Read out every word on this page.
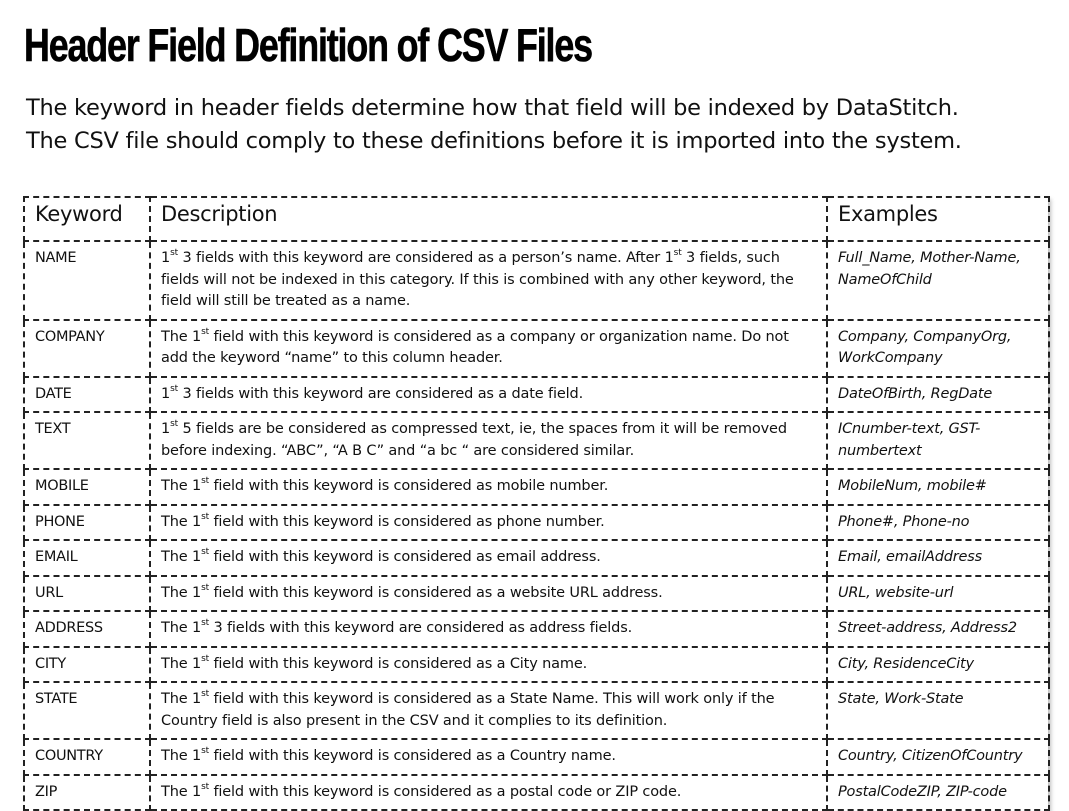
Header Field Definition of CSV Files

The keyword in header fields determine how that field will be indexed by DataStitch.

The CSV file should comply to these definitions before it is imported into the system.

Keyword	Description	Examples
NAME	1st 3 fields with this keyword are considered as a person’s name. After 1st 3 fields, such fields will not be indexed in this category. If this is combined with any other keyword, the field will still be treated as a name.	Full_Name, Mother-Name, NameOfChild
COMPANY	The 1st field with this keyword is considered as a company or organization name. Do not add the keyword “name” to this column header.	Company, CompanyOrg, WorkCompany
DATE	1st 3 fields with this keyword are considered as a date field.	DateOfBirth, RegDate
TEXT	1st 5 fields are be considered as compressed text, ie, the spaces from it will be removed before indexing. “ABC”, “A B C” and “a bc “ are considered similar.	ICnumber-text, GST-numbertext
MOBILE	The 1st field with this keyword is considered as mobile number.	MobileNum, mobile#
PHONE	The 1st field with this keyword is considered as phone number.	Phone#, Phone-no
EMAIL	The 1st field with this keyword is considered as email address.	Email, emailAddress
URL	The 1st field with this keyword is considered as a website URL address.	URL, website-url
ADDRESS	The 1st 3 fields with this keyword are considered as address fields.	Street-address, Address2
CITY	The 1st field with this keyword is considered as a City name.	City, ResidenceCity
STATE	The 1st field with this keyword is considered as a State Name. This will work only if the Country field is also present in the CSV and it complies to its definition.	State, Work-State
COUNTRY	The 1st field with this keyword is considered as a Country name.	Country, CitizenOfCountry
ZIP	The 1st field with this keyword is considered as a postal code or ZIP code.	PostalCodeZIP, ZIP-code
